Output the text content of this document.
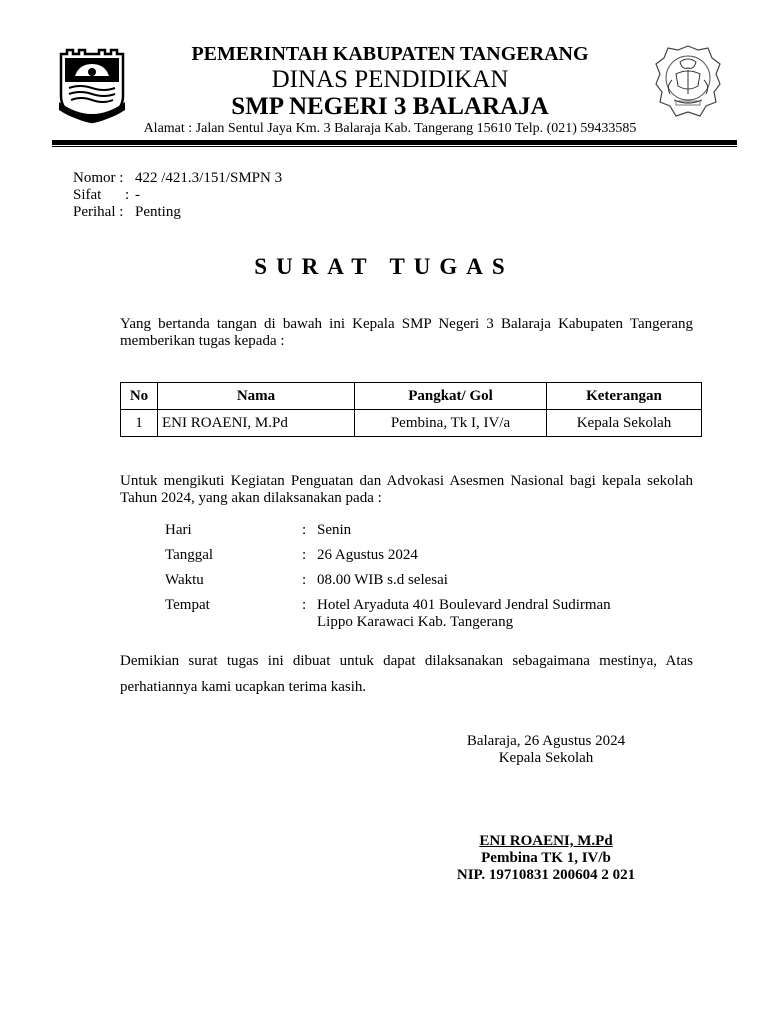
PEMERINTAH KABUPATEN TANGERANG
DINAS PENDIDIKAN
SMP NEGERI 3 BALARAJA
Alamat : Jalan Sentul Jaya Km. 3 Balaraja Kab. Tangerang 15610 Telp. (021) 59433585
Nomor : 422 /421.3/151/SMPN 3
Sifat	: -
Perihal : Penting
SURAT TUGAS
Yang bertanda tangan di bawah ini Kepala SMP Negeri 3 Balaraja Kabupaten Tangerang memberikan tugas kepada :
No	Nama	Pangkat/ Gol	Keterangan
1	ENI ROAENI, M.Pd	Pembina, Tk I, IV/a	Kepala Sekolah
Untuk mengikuti Kegiatan Penguatan dan Advokasi Asesmen Nasional bagi kepala sekolah Tahun 2024, yang akan dilaksanakan pada :
Hari	: Senin
Tanggal	: 26 Agustus 2024
Waktu	: 08.00 WIB s.d selesai
Tempat	: Hotel Aryaduta 401 Boulevard Jendral Sudirman
Lippo Karawaci Kab. Tangerang
Demikian surat tugas ini dibuat untuk dapat dilaksanakan sebagaimana mestinya, Atas perhatiannya kami ucapkan terima kasih.
Balaraja, 26 Agustus 2024
Kepala Sekolah
ENI ROAENI, M.Pd
Pembina TK 1, IV/b
NIP. 19710831 200604 2 021
